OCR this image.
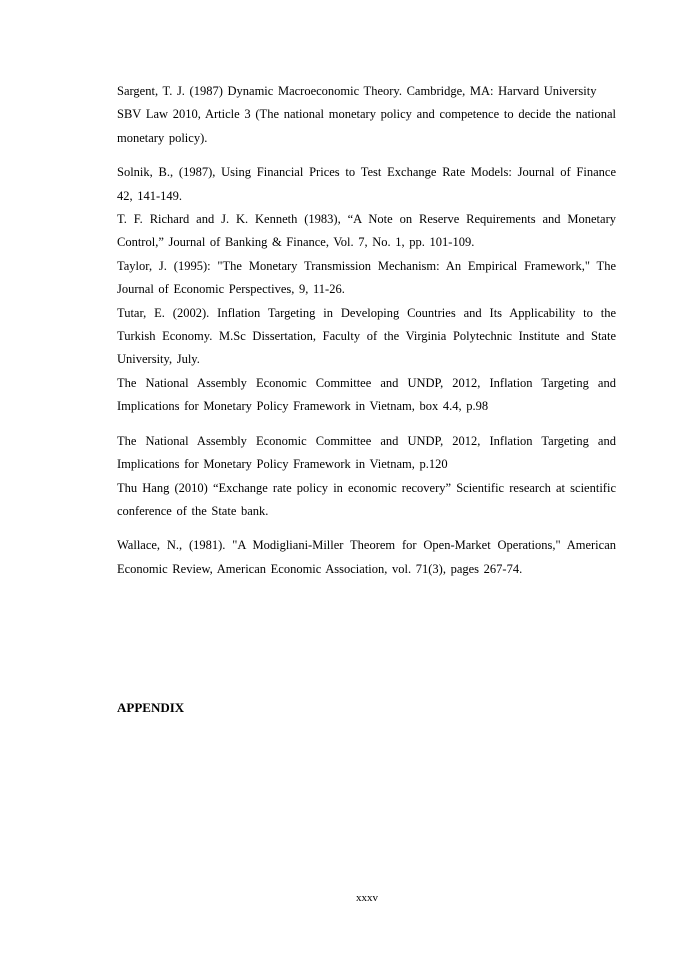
Sargent, T. J. (1987) Dynamic Macroeconomic Theory. Cambridge, MA: Harvard University

SBV Law 2010, Article 3 (The national monetary policy and competence to decide the national monetary policy).

Solnik, B., (1987), Using Financial Prices to Test Exchange Rate Models: Journal of Finance 42, 141-149.

T. F. Richard and J. K. Kenneth (1983), “A Note on Reserve Requirements and Monetary Control,” Journal of Banking & Finance, Vol. 7, No. 1, pp. 101-109.

Taylor, J. (1995): "The Monetary Transmission Mechanism: An Empirical Framework," The Journal of Economic Perspectives, 9, 11-26.

Tutar, E. (2002). Inflation Targeting in Developing Countries and Its Applicability to the Turkish Economy. M.Sc Dissertation, Faculty of the Virginia Polytechnic Institute and State University, July.

The National Assembly Economic Committee and UNDP, 2012, Inflation Targeting and Implications for Monetary Policy Framework in Vietnam, box 4.4, p.98

The National Assembly Economic Committee and UNDP, 2012, Inflation Targeting and Implications for Monetary Policy Framework in Vietnam, p.120

Thu Hang (2010) “Exchange rate policy in economic recovery” Scientific research at scientific conference of the State bank.

Wallace, N., (1981). "A Modigliani-Miller Theorem for Open-Market Operations," American Economic Review, American Economic Association, vol. 71(3), pages 267-74.

APPENDIX
xxxv
